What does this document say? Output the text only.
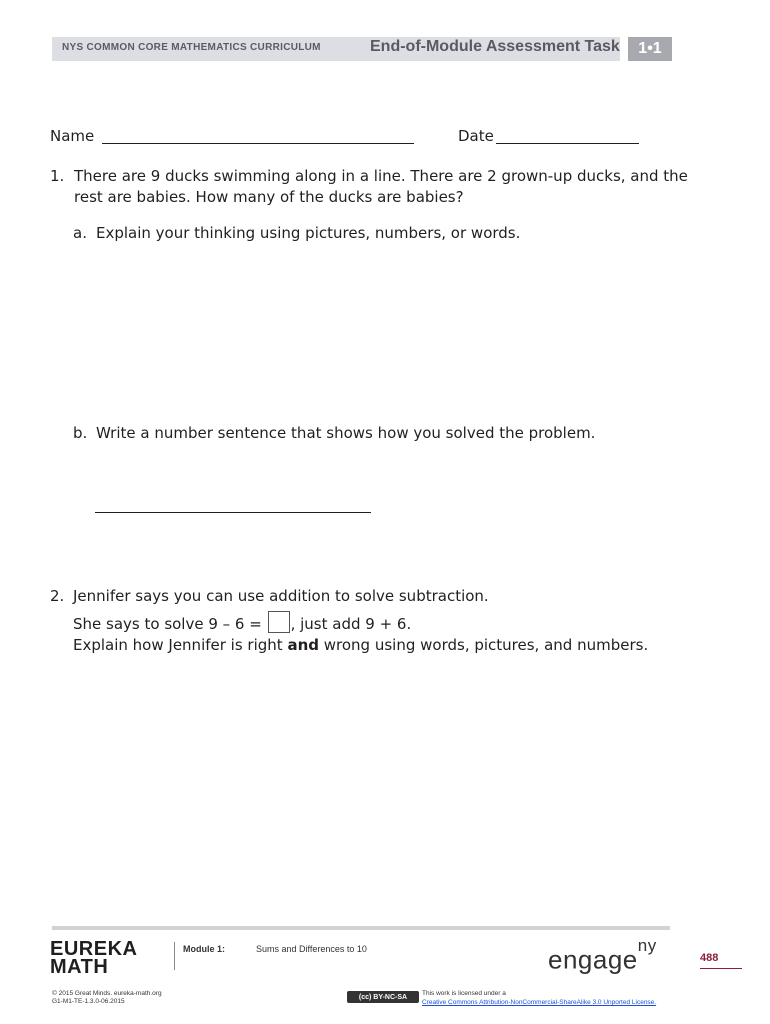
NYS COMMON CORE MATHEMATICS CURRICULUM	End-of-Module Assessment Task	1•1
Name	Date
1. There are 9 ducks swimming along in a line. There are 2 grown-up ducks, and the
rest are babies. How many of the ducks are babies?
a. Explain your thinking using pictures, numbers, or words.
b. Write a number sentence that shows how you solved the problem.
2. Jennifer says you can use addition to solve subtraction.
She says to solve 9 – 6 = , just add 9 + 6.
Explain how Jennifer is right and wrong using words, pictures, and numbers.
EUREKA
MATH
Module 1:	Sums and Differences to 10	engage$^{ny}$
488
© 2015 Great Minds. eureka-math.org
G1-M1-TE-1.3.0-06.2015
(cc) BY-NC-SA	This work is licensed under a
Creative Commons Attribution-NonCommercial-ShareAlike 3.0 Unported License.
